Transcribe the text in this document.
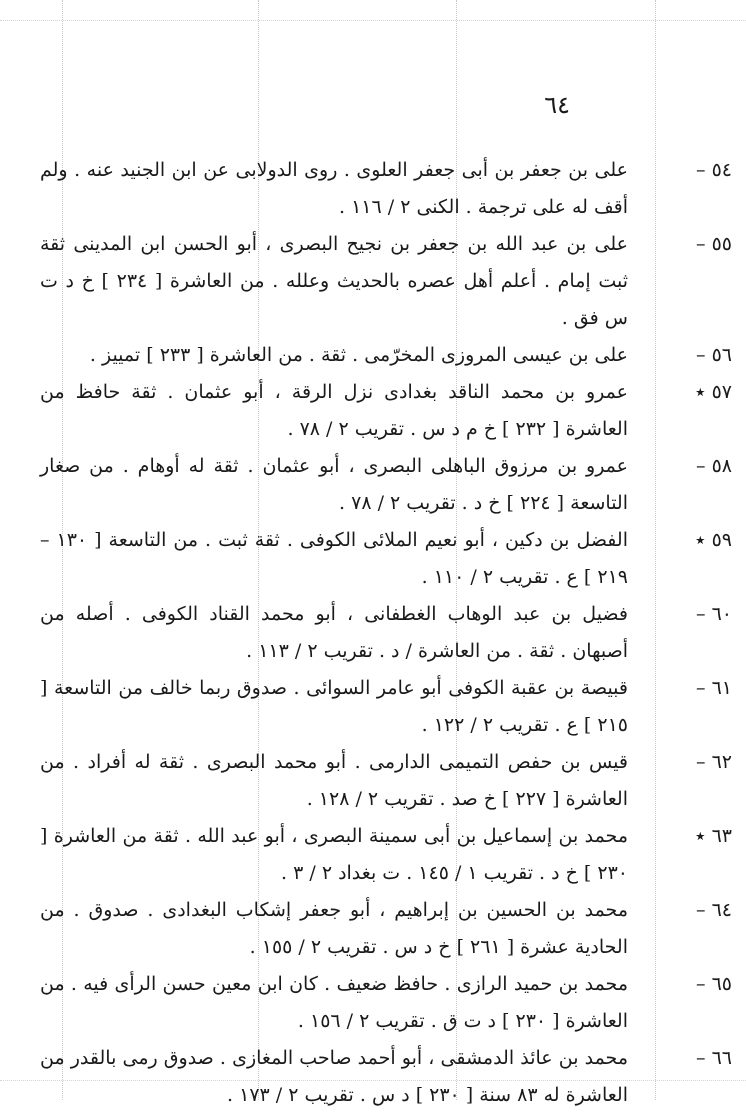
٦٤
٥٤ –

على بن جعفر بن أبى جعفر العلوى . روى الدولابى عن ابن الجنيد عنه . ولم أقف له على ترجمة . الكنى ٢ / ١١٦ .

٥٥ –

على بن عبد الله بن جعفر بن نجيح البصرى ، أبو الحسن ابن المدينى ثقة ثبت إمام . أعلم أهل عصره بالحديث وعلله . من العاشرة [ ٢٣٤ ] خ د ت س فق .

٥٦ –

على بن عيسى المروزى المخرّمى . ثقة . من العاشرة [ ٢٣٣ ] تمييز .

٥٧ ٭

عمرو بن محمد الناقد بغدادى نزل الرقة ، أبو عثمان . ثقة حافظ من العاشرة [ ٢٣٢ ] خ م د س . تقريب ٢ / ٧٨ .

٥٨ –

عمرو بن مرزوق الباهلى البصرى ، أبو عثمان . ثقة له أوهام . من صغار التاسعة [ ٢٢٤ ] خ د . تقريب ٢ / ٧٨ .

٥٩ ٭

الفضل بن دكين ، أبو نعيم الملائى الكوفى . ثقة ثبت . من التاسعة [ ١٣٠ – ٢١٩ ] ع . تقريب ٢ / ١١٠ .

٦٠ –

فضيل بن عبد الوهاب الغطفانى ، أبو محمد القناد الكوفى . أصله من أصبهان . ثقة . من العاشرة / د . تقريب ٢ / ١١٣ .

٦١ –

قبيصة بن عقبة الكوفى أبو عامر السوائى . صدوق ربما خالف من التاسعة [ ٢١٥ ] ع . تقريب ٢ / ١٢٢ .

٦٢ –

قيس بن حفص التميمى الدارمى . أبو محمد البصرى . ثقة له أفراد . من العاشرة [ ٢٢٧ ] خ صد . تقريب ٢ / ١٢٨ .

٦٣ ٭

محمد بن إسماعيل بن أبى سمينة البصرى ، أبو عبد الله . ثقة من العاشرة [ ٢٣٠ ] خ د . تقريب ١ / ١٤٥ . ت بغداد ٢ / ٣ .

٦٤ –

محمد بن الحسين بن إبراهيم ، أبو جعفر إشكاب البغدادى . صدوق . من الحادية عشرة [ ٢٦١ ] خ د س . تقريب ٢ / ١٥٥ .

٦٥ –

محمد بن حميد الرازى . حافظ ضعيف . كان ابن معين حسن الرأى فيه . من العاشرة [ ٢٣٠ ] د ت ق . تقريب ٢ / ١٥٦ .

٦٦ –

محمد بن عائذ الدمشقى ، أبو أحمد صاحب المغازى . صدوق رمى بالقدر من العاشرة له ٨٣ سنة [ ٢٣٠ ] د س . تقريب ٢ / ١٧٣ .
